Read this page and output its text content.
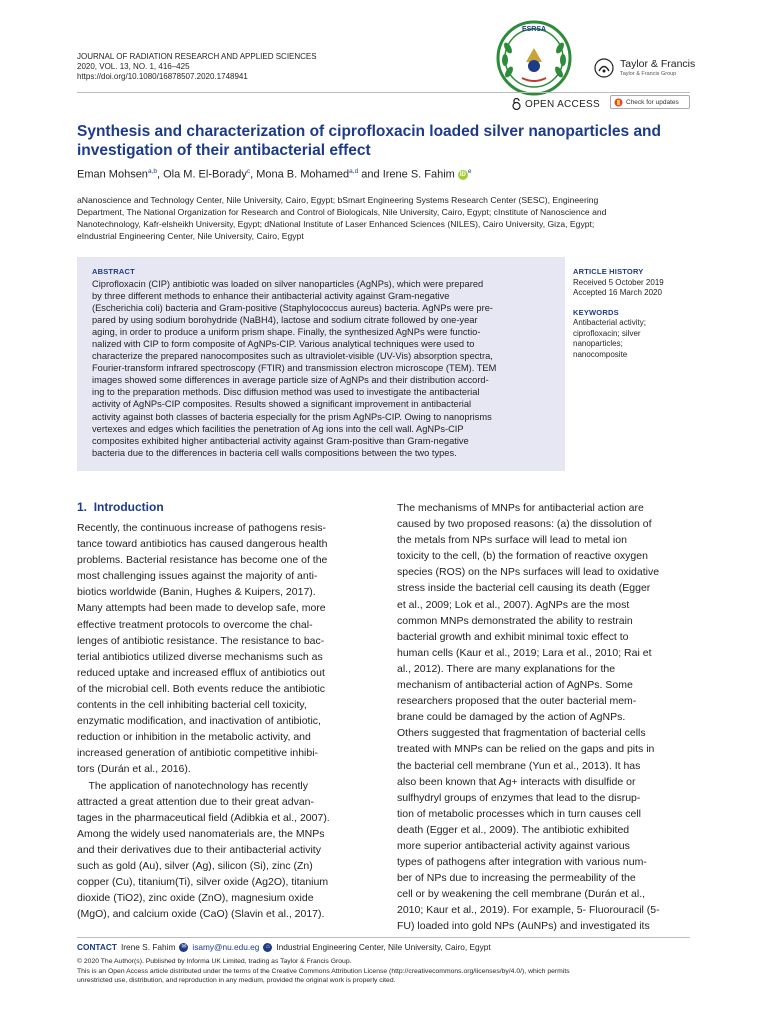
JOURNAL OF RADIATION RESEARCH AND APPLIED SCIENCES
2020, VOL. 13, NO. 1, 416–425
https://doi.org/10.1080/16878507.2020.1748941
ESRSA
Taylor & Francis
Taylor & Francis Group
OPEN ACCESS	Check for updates
Synthesis and characterization of ciprofloxacin loaded silver nanoparticles and investigation of their antibacterial effect
Eman Mohsen$^{a,b}$, Ola M. El-Borady$^c$, Mona B. Mohamed$^{a,d}$ and Irene S. Fahim iD $^e$
aNanoscience and Technology Center, Nile University, Cairo, Egypt; bSmart Engineering Systems Research Center (SESC), Engineering
Department, The National Organization for Research and Control of Biologicals, Nile University, Cairo, Egypt; cInstitute of Nanoscience and
Nanotechnology, Kafr-elsheikh University, Egypt; dNational Institute of Laser Enhanced Sciences (NILES), Cairo University, Giza, Egypt;
eIndustrial Engineering Center, Nile University, Cairo, Egypt
ABSTRACT
Ciprofloxacin (CIP) antibiotic was loaded on silver nanoparticles (AgNPs), which were prepared
by three different methods to enhance their antibacterial activity against Gram-negative
(Escherichia coli) bacteria and Gram-positive (Staphylococcus aureus) bacteria. AgNPs were pre-
pared by using sodium borohydride (NaBH4), lactose and sodium citrate followed by one-year
aging, in order to produce a uniform prism shape. Finally, the synthesized AgNPs were functio-
nalized with CIP to form composite of AgNPs-CIP. Various analytical techniques were used to
characterize the prepared nanocomposites such as ultraviolet-visible (UV-Vis) absorption spectra,
Fourier-transform infrared spectroscopy (FTIR) and transmission electron microscope (TEM). TEM
images showed some differences in average particle size of AgNPs and their distribution accord-
ing to the preparation methods. Disc diffusion method was used to investigate the antibacterial
activity of AgNPs-CIP composites. Results showed a significant improvement in antibacterial
activity against both classes of bacteria especially for the prism AgNPs-CIP. Owing to nanoprisms
vertexes and edges which facilities the penetration of Ag ions into the cell wall. AgNPs-CIP
composites exhibited higher antibacterial activity against Gram-positive than Gram-negative
bacteria due to the differences in bacteria cell walls compositions between the two types.
ARTICLE HISTORY
Received 5 October 2019
Accepted 16 March 2020
KEYWORDS
Antibacterial activity;
ciprofloxacin; silver
nanoparticles;
nanocomposite
1. Introduction
Recently, the continuous increase of pathogens resis-
tance toward antibiotics has caused dangerous health
problems. Bacterial resistance has become one of the
most challenging issues against the majority of anti-
biotics worldwide (Banin, Hughes & Kuipers, 2017).
Many attempts had been made to develop safe, more
effective treatment protocols to overcome the chal-
lenges of antibiotic resistance. The resistance to bac-
terial antibiotics utilized diverse mechanisms such as
reduced uptake and increased efflux of antibiotics out
of the microbial cell. Both events reduce the antibiotic
contents in the cell inhibiting bacterial cell toxicity,
enzymatic modification, and inactivation of antibiotic,
reduction or inhibition in the metabolic activity, and
increased generation of antibiotic competitive inhibi-
tors (Durán et al., 2016).
The application of nanotechnology has recently
attracted a great attention due to their great advan-
tages in the pharmaceutical field (Adibkia et al., 2007).
Among the widely used nanomaterials are, the MNPs
and their derivatives due to their antibacterial activity
such as gold (Au), silver (Ag), silicon (Si), zinc (Zn)
copper (Cu), titanium(Ti), silver oxide (Ag2O), titanium
dioxide (TiO2), zinc oxide (ZnO), magnesium oxide
(MgO), and calcium oxide (CaO) (Slavin et al., 2017).
The mechanisms of MNPs for antibacterial action are
caused by two proposed reasons: (a) the dissolution of
the metals from NPs surface will lead to metal ion
toxicity to the cell, (b) the formation of reactive oxygen
species (ROS) on the NPs surfaces will lead to oxidative
stress inside the bacterial cell causing its death (Egger
et al., 2009; Lok et al., 2007). AgNPs are the most
common MNPs demonstrated the ability to restrain
bacterial growth and exhibit minimal toxic effect to
human cells (Kaur et al., 2019; Lara et al., 2010; Rai et
al., 2012). There are many explanations for the
mechanism of antibacterial action of AgNPs. Some
researchers proposed that the outer bacterial mem-
brane could be damaged by the action of AgNPs.
Others suggested that fragmentation of bacterial cells
treated with MNPs can be relied on the gaps and pits in
the bacterial cell membrane (Yun et al., 2013). It has
also been known that Ag+ interacts with disulfide or
sulfhydryl groups of enzymes that lead to the disrup-
tion of metabolic processes which in turn causes cell
death (Egger et al., 2009). The antibiotic exhibited
more superior antibacterial activity against various
types of pathogens after integration with various num-
ber of NPs due to increasing the permeability of the
cell or by weakening the cell membrane (Durán et al.,
2010; Kaur et al., 2019). For example, 5- Fluorouracil (5-
FU) loaded into gold NPs (AuNPs) and investigated its
CONTACT Irene S. Fahim ✉ isamy@nu.edu.eg	⌂ Industrial Engineering Center, Nile University, Cairo, Egypt
© 2020 The Author(s). Published by Informa UK Limited, trading as Taylor & Francis Group.
This is an Open Access article distributed under the terms of the Creative Commons Attribution License (http://creativecommons.org/licenses/by/4.0/), which permits
unrestricted use, distribution, and reproduction in any medium, provided the original work is properly cited.
